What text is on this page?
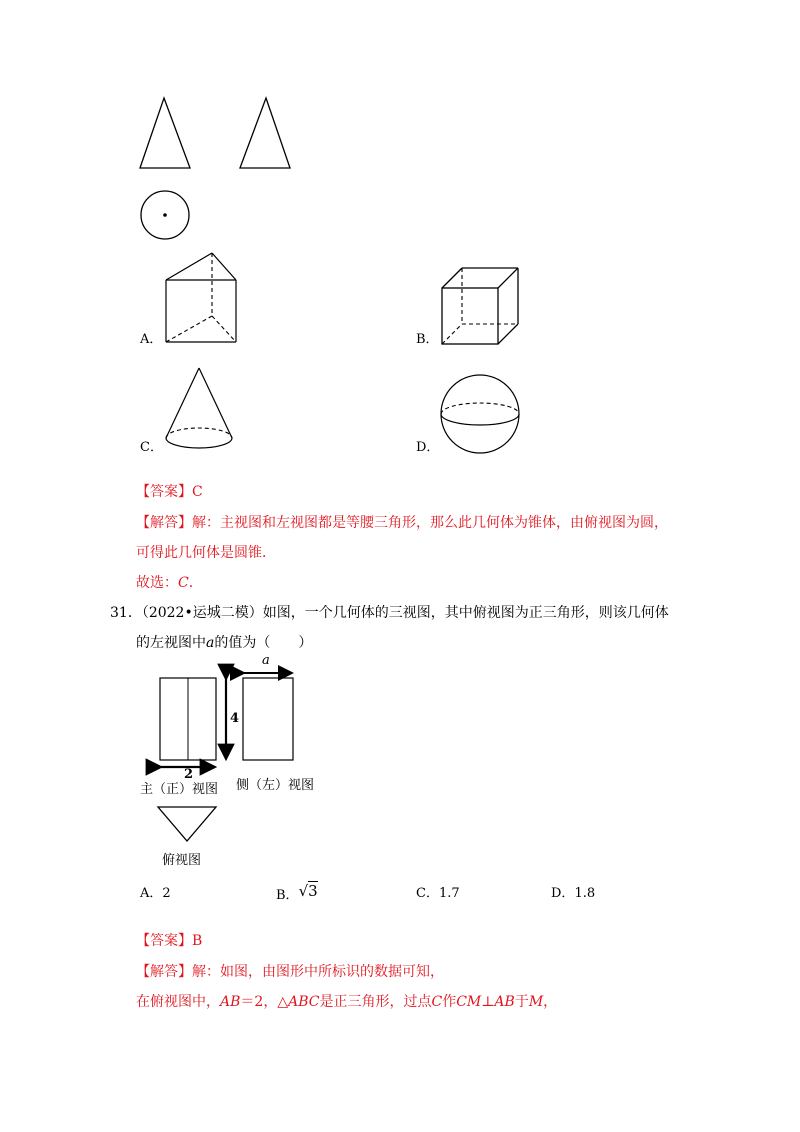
A．	B．
C．	D．
【答案】C
【解答】解：主视图和左视图都是等腰三角形，那么此几何体为锥体，由俯视图为圆，
可得此几何体是圆锥．
故选：C．
31．（2022•运城二模）如图，一个几何体的三视图，其中俯视图为正三角形，则该几何体
的左视图中a的值为（　　）
a
4
2
主（正）视图 侧（左）视图
俯视图
A．2	B．√3	C．1.7	D．1.8
【答案】B
【解答】解：如图，由图形中所标识的数据可知，
在俯视图中，AB＝2，△ABC是正三角形，过点C作CM⊥AB于M，
